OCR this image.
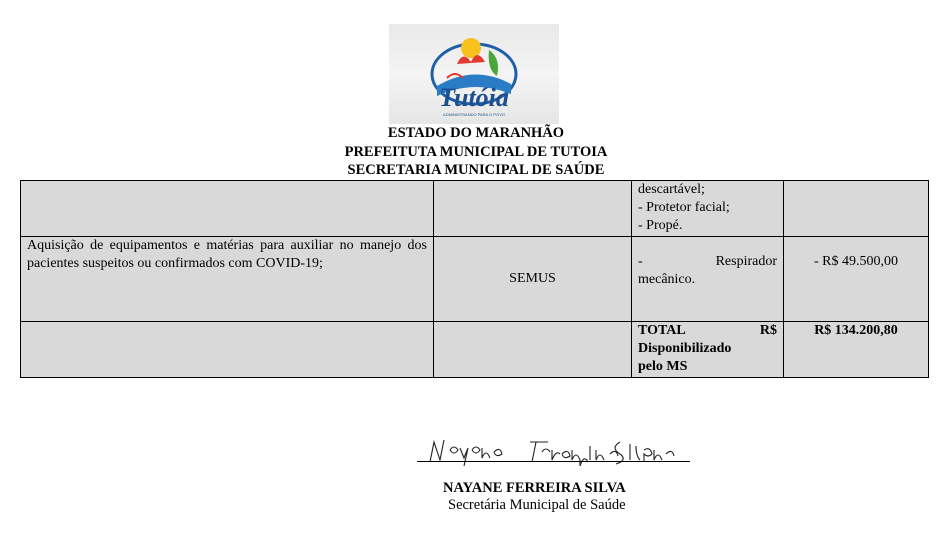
Tutóia
ADMINISTRANDO PARA O POVO
ESTADO DO MARANHÃO
PREFEITUTA MUNICIPAL DE TUTOIA
SECRETARIA MUNICIPAL DE SAÚDE

		descartável;
- Protetor facial;
- Propé.	

Aquisição de equipamentos e matérias para auxiliar no manejo dos pacientes suspeitos ou confirmados com COVID-19;	SEMUS	- Respirador
mecânico.	- R$ 49.500,00

		TOTAL R$
Disponibilizado
pelo MS	R$ 134.200,80
NAYANE FERREIRA SILVA
Secretária Municipal de Saúde
